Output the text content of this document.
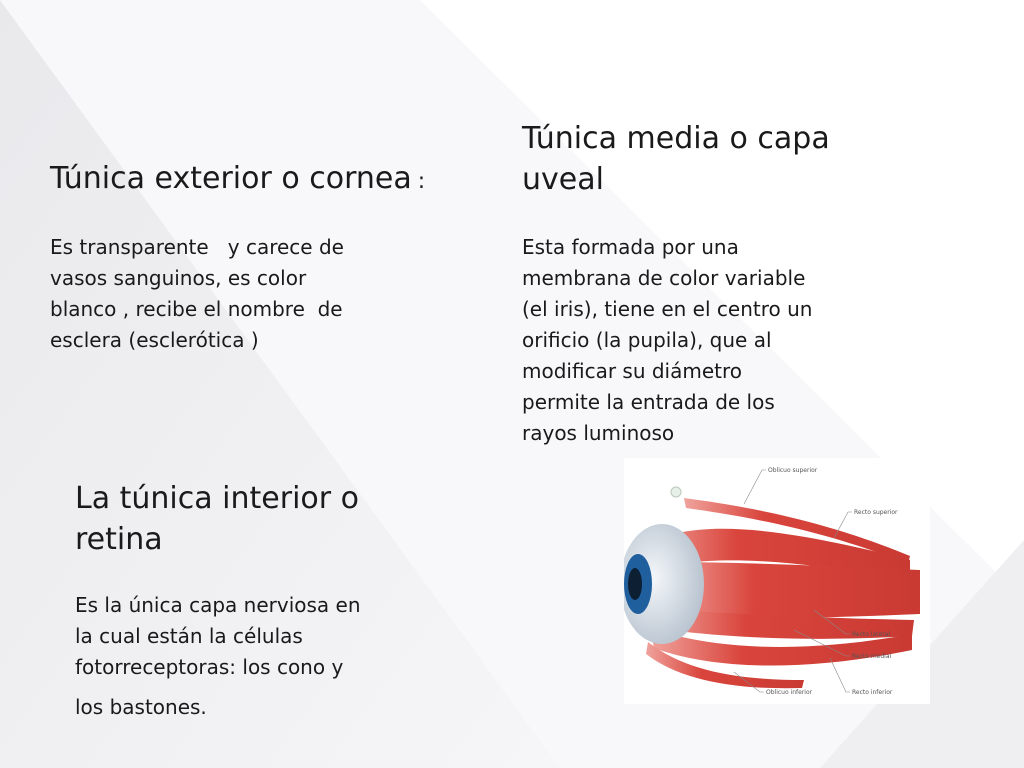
Túnica exterior o cornea :

Es transparente   y carece de
vasos sanguinos, es color
blanco , recibe el nombre  de
esclera (esclerótica )

Túnica media o capa
uveal

Esta formada por una
membrana de color variable
(el iris), tiene en el centro un
orificio (la pupila), que al
modificar su diámetro
permite la entrada de los
rayos luminoso

La túnica interior o
retina

Es la única capa nerviosa en
la cual están la células
fotorreceptoras: los cono y
los bastones.

Oblicuo superior
Recto superior
Recto lateral
Recto medial
Oblicuo inferior	Recto inferior
